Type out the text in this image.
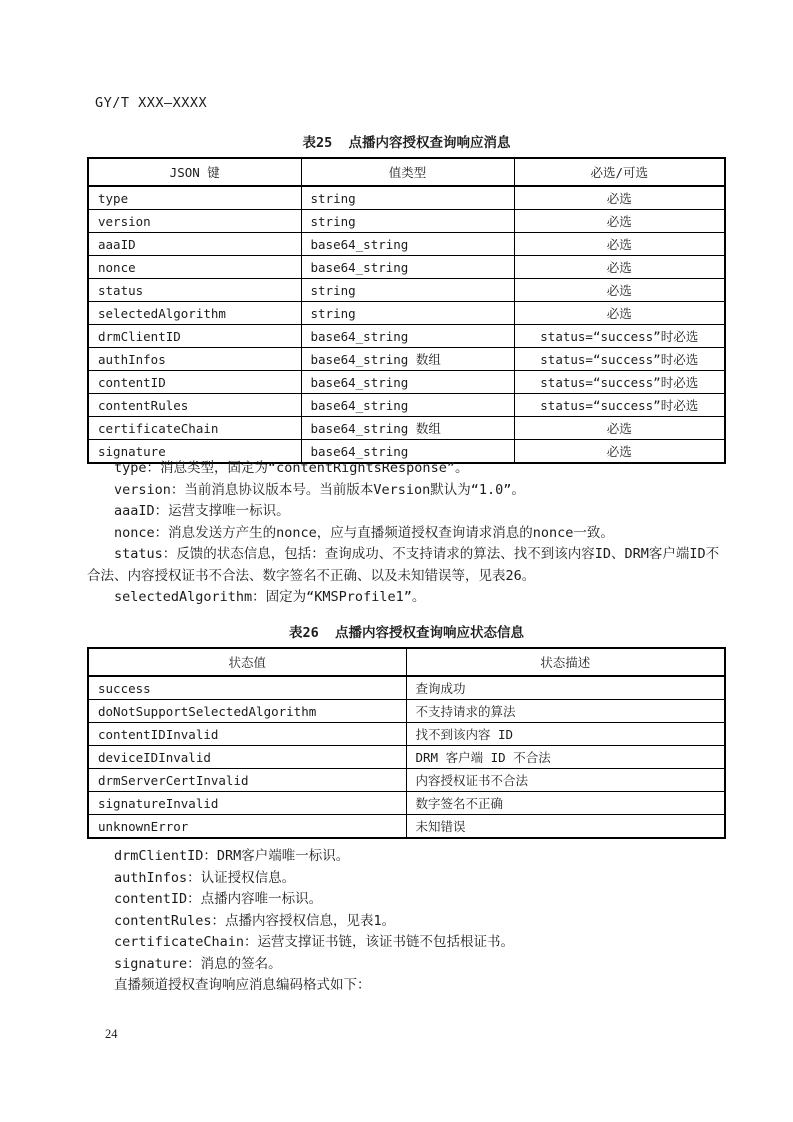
GY/T XXX—XXXX
表25 点播内容授权查询响应消息
JSON 键	值类型	必选/可选
type	string	必选
version	string	必选
aaaID	base64_string	必选
nonce	base64_string	必选
status	string	必选
selectedAlgorithm	string	必选
drmClientID	base64_string	status=“success”时必选
authInfos	base64_string 数组	status=“success”时必选
contentID	base64_string	status=“success”时必选
contentRules	base64_string	status=“success”时必选
certificateChain	base64_string 数组	必选
signature	base64_string	必选

type：消息类型，固定为“contentRightsResponse”。

version：当前消息协议版本号。当前版本Version默认为“1.0”。

aaaID：运营支撑唯一标识。

nonce：消息发送方产生的nonce，应与直播频道授权查询请求消息的nonce一致。

status：反馈的状态信息，包括：查询成功、不支持请求的算法、找不到该内容ID、DRM客户端ID不合法、内容授权证书不合法、数字签名不正确、以及未知错误等，见表26。

selectedAlgorithm：固定为“KMSProfile1”。

表26 点播内容授权查询响应状态信息
状态值	状态描述
success	查询成功
doNotSupportSelectedAlgorithm	不支持请求的算法
contentIDInvalid	找不到该内容 ID
deviceIDInvalid	DRM 客户端 ID 不合法
drmServerCertInvalid	内容授权证书不合法
signatureInvalid	数字签名不正确
unknownError	未知错误

drmClientID：DRM客户端唯一标识。

authInfos：认证授权信息。

contentID：点播内容唯一标识。

contentRules：点播内容授权信息，见表1。

certificateChain：运营支撑证书链，该证书链不包括根证书。

signature：消息的签名。

直播频道授权查询响应消息编码格式如下：

24
